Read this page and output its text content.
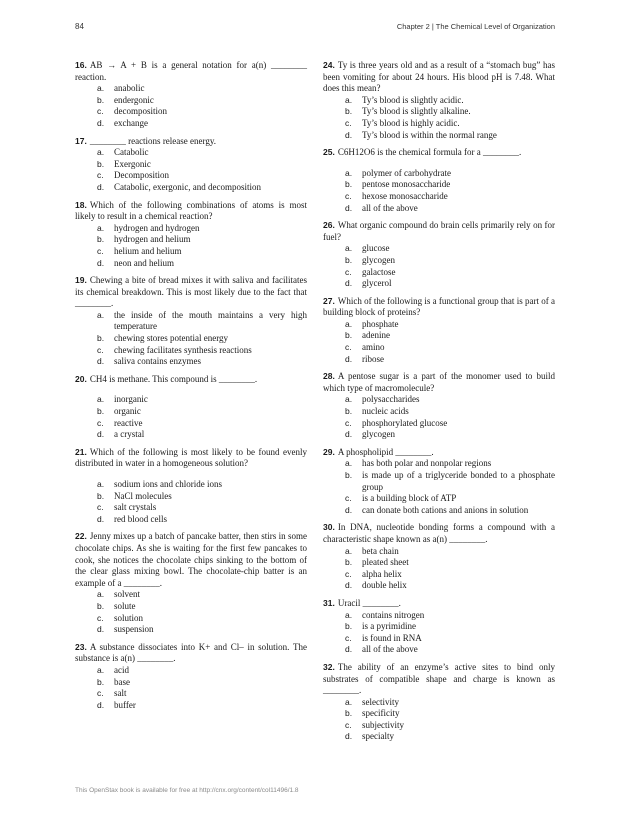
84	Chapter 2 | The Chemical Level of Organization
16. AB → A + B is a general notation for a(n) ________ reaction.
a.	anabolic
b.	endergonic
c.	decomposition
d.	exchange
17. ________ reactions release energy.
a.	Catabolic
b.	Exergonic
c.	Decomposition
d.	Catabolic, exergonic, and decomposition
18. Which of the following combinations of atoms is most likely to result in a chemical reaction?
a.	hydrogen and hydrogen
b.	hydrogen and helium
c.	helium and helium
d.	neon and helium
19. Chewing a bite of bread mixes it with saliva and facilitates its chemical breakdown. This is most likely due to the fact that ________.
a.	the inside of the mouth maintains a very high temperature
b.	chewing stores potential energy
c.	chewing facilitates synthesis reactions
d.	saliva contains enzymes
20. CH4 is methane. This compound is ________.
a.	inorganic
b.	organic
c.	reactive
d.	a crystal
21. Which of the following is most likely to be found evenly distributed in water in a homogeneous solution?
a.	sodium ions and chloride ions
b.	NaCl molecules
c.	salt crystals
d.	red blood cells
22. Jenny mixes up a batch of pancake batter, then stirs in some chocolate chips. As she is waiting for the first few pancakes to cook, she notices the chocolate chips sinking to the bottom of the clear glass mixing bowl. The chocolate-chip batter is an example of a ________.
a.	solvent
b.	solute
c.	solution
d.	suspension
23. A substance dissociates into K+ and Cl– in solution. The substance is a(n) ________.
a.	acid
b.	base
c.	salt
d.	buffer
24. Ty is three years old and as a result of a “stomach bug” has been vomiting for about 24 hours. His blood pH is 7.48. What does this mean?
a.	Ty’s blood is slightly acidic.
b.	Ty’s blood is slightly alkaline.
c.	Ty’s blood is highly acidic.
d.	Ty’s blood is within the normal range
25. C6H12O6 is the chemical formula for a ________.
a.	polymer of carbohydrate
b.	pentose monosaccharide
c.	hexose monosaccharide
d.	all of the above
26. What organic compound do brain cells primarily rely on for fuel?
a.	glucose
b.	glycogen
c.	galactose
d.	glycerol
27. Which of the following is a functional group that is part of a building block of proteins?
a.	phosphate
b.	adenine
c.	amino
d.	ribose
28. A pentose sugar is a part of the monomer used to build which type of macromolecule?
a.	polysaccharides
b.	nucleic acids
c.	phosphorylated glucose
d.	glycogen
29. A phospholipid ________.
a.	has both polar and nonpolar regions
b.	is made up of a triglyceride bonded to a phosphate group
c.	is a building block of ATP
d.	can donate both cations and anions in solution
30. In DNA, nucleotide bonding forms a compound with a characteristic shape known as a(n) ________.
a.	beta chain
b.	pleated sheet
c.	alpha helix
d.	double helix
31. Uracil ________.
a.	contains nitrogen
b.	is a pyrimidine
c.	is found in RNA
d.	all of the above
32. The ability of an enzyme’s active sites to bind only substrates of compatible shape and charge is known as ________.
a.	selectivity
b.	specificity
c.	subjectivity
d.	specialty
This OpenStax book is available for free at http://cnx.org/content/col11496/1.8
